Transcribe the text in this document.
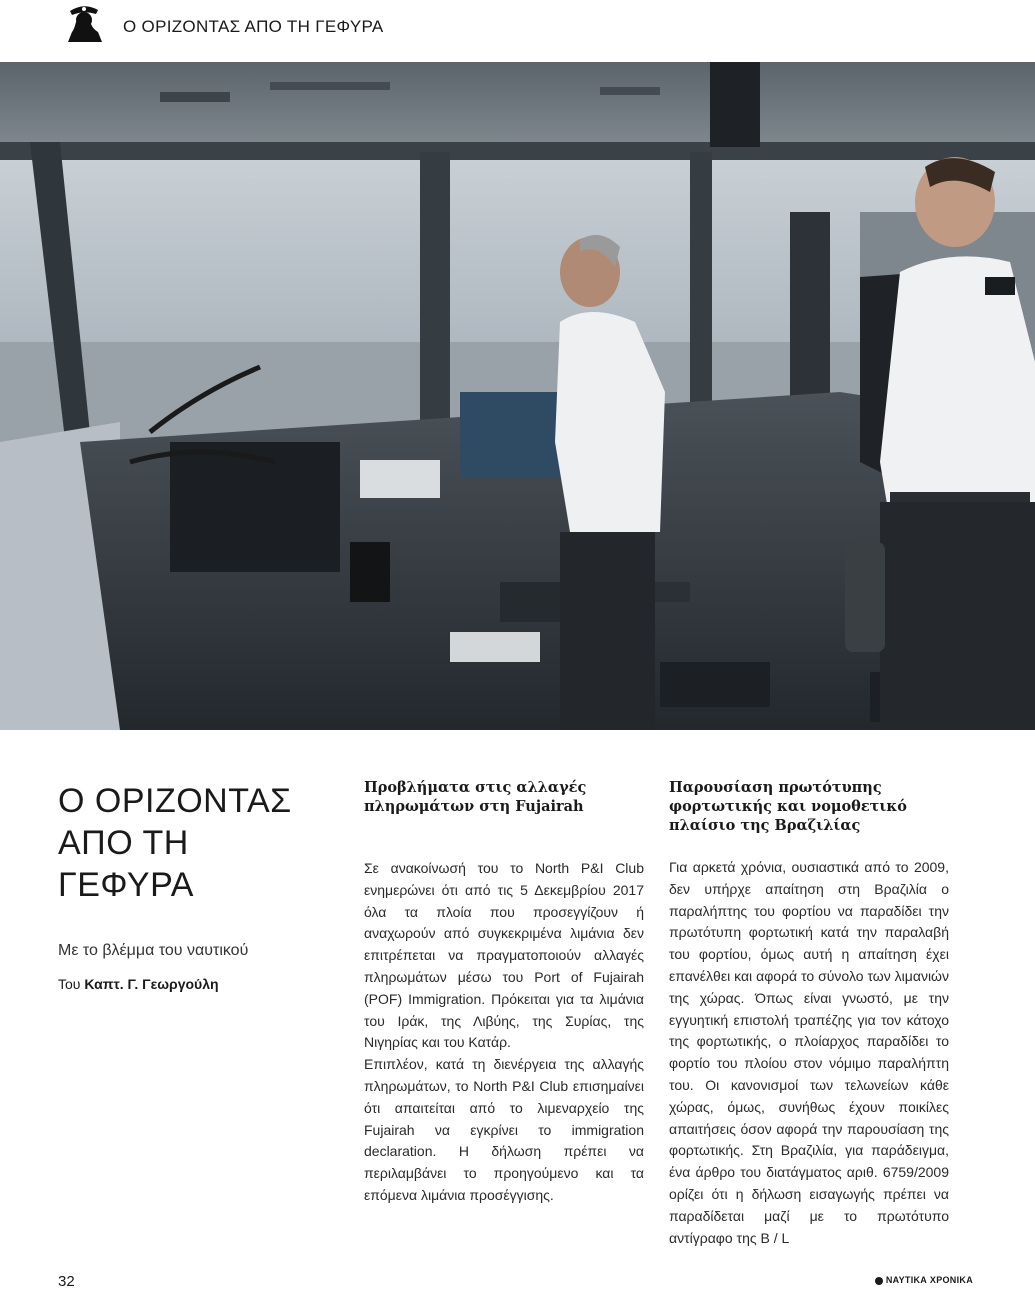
Ο ΟΡΙΖΟΝΤΑΣ ΑΠΟ ΤΗ ΓΕΦΥΡΑ
Ο ΟΡΙΖΟΝΤΑΣ
ΑΠΟ ΤΗ ΓΕΦΥΡΑ
Με το βλέμμα του ναυτικού
Του Καπτ. Γ. Γεωργούλη
Προβλήματα στις αλλαγές πληρωμάτων στη Fujairah

Σε ανακοίνωσή του το North P&I Club ενημερώνει ότι από τις 5 Δεκεμβρίου 2017 όλα τα πλοία που προσεγγίζουν ή αναχωρούν από συγκεκριμένα λιμάνια δεν επιτρέπεται να πραγματοποιούν αλλαγές πληρωμάτων μέσω του Port of Fujairah (POF) Immigration. Πρόκειται για τα λιμάνια του Ιράκ, της Λιβύης, της Συρίας, της Νιγηρίας και του Κατάρ.

Επιπλέον, κατά τη διενέργεια της αλλαγής πληρωμάτων, το North P&I Club επισημαίνει ότι απαιτείται από το λιμεναρχείο της Fujairah να εγκρίνει το immigration declaration. Η δήλωση πρέπει να περιλαμβάνει το προηγούμενο και τα επόμενα λιμάνια προσέγγισης.

Παρουσίαση πρωτότυπης φορτωτικής και νομοθετικό πλαίσιο της Βραζιλίας

Για αρκετά χρόνια, ουσιαστικά από το 2009, δεν υπήρχε απαίτηση στη Βραζιλία ο παραλήπτης του φορτίου να παραδίδει την πρωτότυπη φορτωτική κατά την παραλαβή του φορτίου, όμως αυτή η απαίτηση έχει επανέλθει και αφορά το σύνολο των λιμανιών της χώρας. Όπως είναι γνωστό, με την εγγυητική επιστολή τραπέζης για τον κάτοχο της φορτωτικής, ο πλοίαρχος παραδίδει το φορτίο του πλοίου στον νόμιμο παραλήπτη του. Οι κανονισμοί των τελωνείων κάθε χώρας, όμως, συνήθως έχουν ποικίλες απαιτήσεις όσον αφορά την παρουσίαση της φορτωτικής. Στη Βραζιλία, για παράδειγμα, ένα άρθρο του διατάγματος αριθ. 6759/2009 ορίζει ότι η δήλωση εισαγωγής πρέπει να παραδίδεται μαζί με το πρωτότυπο αντίγραφο της B / L

32	ΝΑΥΤΙΚΑ ΧΡΟΝΙΚΑ
